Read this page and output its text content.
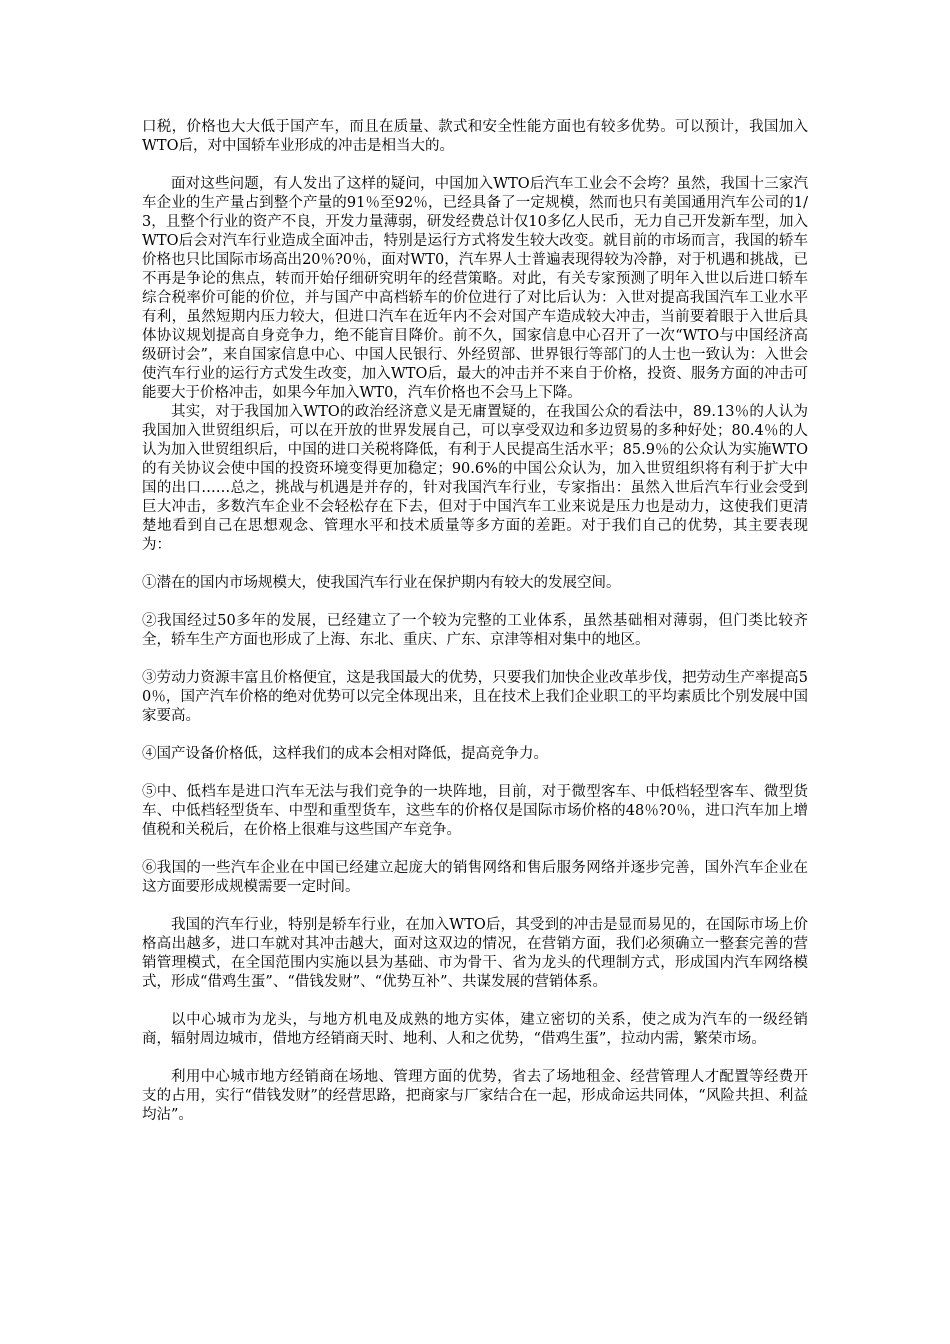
口税，价格也大大低于国产车，而且在质量、款式和安全性能方面也有较多优势。可以预计，我国加入WTO后，对中国轿车业形成的冲击是相当大的。

面对这些问题，有人发出了这样的疑问，中国加入WTO后汽车工业会不会垮？虽然，我国十三家汽车企业的生产量占到整个产量的91％至92％，已经具备了一定规模，然而也只有美国通用汽车公司的1/3，且整个行业的资产不良，开发力量薄弱，研发经费总计仅10多亿人民币，无力自己开发新车型，加入WTO后会对汽车行业造成全面冲击，特别是运行方式将发生较大改变。就目前的市场而言，我国的轿车价格也只比国际市场高出20％?0％，面对WT0，汽车界人士普遍表现得较为冷静，对于机遇和挑战，已不再是争论的焦点，转而开始仔细研究明年的经营策略。对此，有关专家预测了明年入世以后进口轿车综合税率价可能的价位，并与国产中高档轿车的价位进行了对比后认为：入世对提高我国汽车工业水平有利，虽然短期内压力较大，但进口汽车在近年内不会对国产车造成较大冲击，当前要着眼于入世后具体协议规划提高自身竞争力，绝不能盲目降价。前不久，国家信息中心召开了一次“WTO与中国经济高级研讨会”，来自国家信息中心、中国人民银行、外经贸部、世界银行等部门的人士也一致认为：入世会使汽车行业的运行方式发生改变，加入WTO后，最大的冲击并不来自于价格，投资、服务方面的冲击可能要大于价格冲击，如果今年加入WT0，汽车价格也不会马上下降。

其实，对于我国加入WTO的政治经济意义是无庸置疑的，在我国公众的看法中，89.13％的人认为我国加入世贸组织后，可以在开放的世界发展自己，可以享受双边和多边贸易的多种好处；80.4％的人认为加入世贸组织后，中国的进口关税将降低，有利于人民提高生活水平；85.9％的公众认为实施WTO的有关协议会使中国的投资环境变得更加稳定；90.6%的中国公众认为，加入世贸组织将有利于扩大中国的出口……总之，挑战与机遇是并存的，针对我国汽车行业，专家指出：虽然入世后汽车行业会受到巨大冲击，多数汽车企业不会轻松存在下去，但对于中国汽车工业来说是压力也是动力，这使我们更清楚地看到自己在思想观念、管理水平和技术质量等多方面的差距。对于我们自己的优势，其主要表现为：

①潜在的国内市场规模大，使我国汽车行业在保护期内有较大的发展空间。

②我国经过50多年的发展，已经建立了一个较为完整的工业体系，虽然基础相对薄弱，但门类比较齐全，轿车生产方面也形成了上海、东北、重庆、广东、京津等相对集中的地区。

③劳动力资源丰富且价格便宜，这是我国最大的优势，只要我们加快企业改革步伐，把劳动生产率提高50％，国产汽车价格的绝对优势可以完全体现出来，且在技术上我们企业职工的平均素质比个别发展中国家要高。

④国产设备价格低，这样我们的成本会相对降低，提高竞争力。

⑤中、低档车是进口汽车无法与我们竞争的一块阵地，目前，对于微型客车、中低档轻型客车、微型货车、中低档轻型货车、中型和重型货车，这些车的价格仅是国际市场价格的48％?0％，进口汽车加上增值税和关税后，在价格上很难与这些国产车竞争。

⑥我国的一些汽车企业在中国已经建立起庞大的销售网络和售后服务网络并逐步完善，国外汽车企业在这方面要形成规模需要一定时间。

我国的汽车行业，特别是轿车行业，在加入WTO后，其受到的冲击是显而易见的，在国际市场上价格高出越多，进口车就对其冲击越大，面对这双边的情况，在营销方面，我们必须确立一整套完善的营销管理模式，在全国范围内实施以县为基础、市为骨干、省为龙头的代理制方式，形成国内汽车网络模式，形成“借鸡生蛋”、“借钱发财”、“优势互补”、共谋发展的营销体系。

以中心城市为龙头，与地方机电及成熟的地方实体，建立密切的关系，使之成为汽车的一级经销商，辐射周边城市，借地方经销商天时、地利、人和之优势，“借鸡生蛋”，拉动内需，繁荣市场。

利用中心城市地方经销商在场地、管理方面的优势，省去了场地租金、经营管理人才配置等经费开支的占用，实行“借钱发财”的经营思路，把商家与厂家结合在一起，形成命运共同体，“风险共担、利益均沾”。
